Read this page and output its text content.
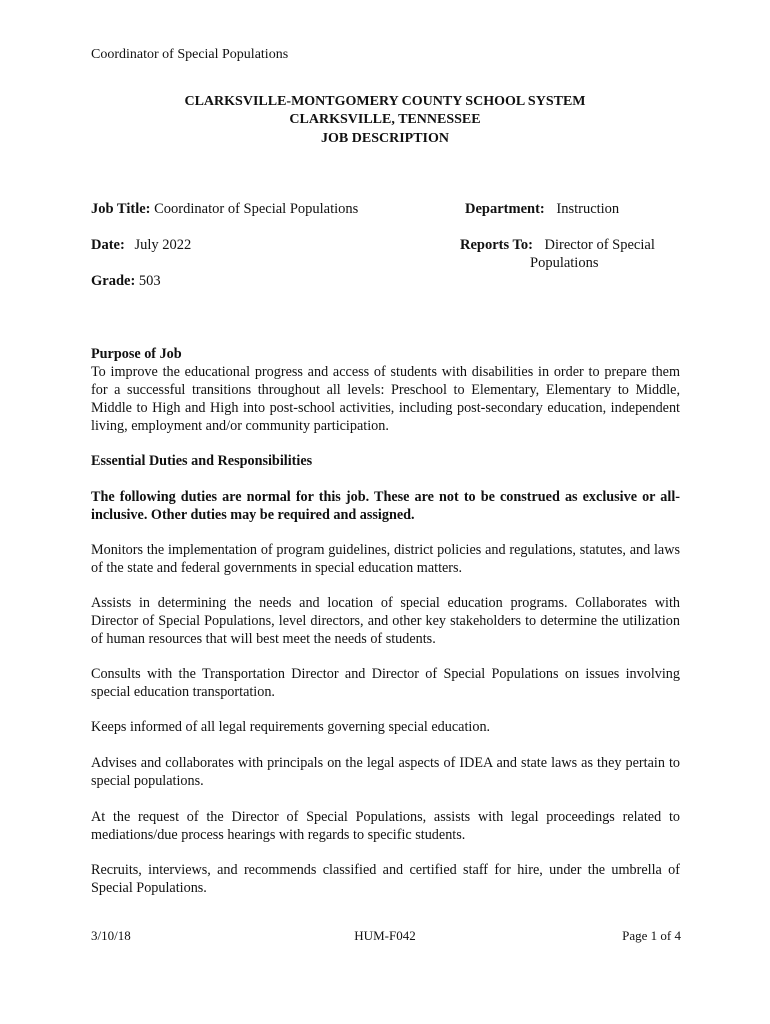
Coordinator of Special Populations
CLARKSVILLE-MONTGOMERY COUNTY SCHOOL SYSTEM
CLARKSVILLE, TENNESSEE
JOB DESCRIPTION
Job Title: Coordinator of Special Populations	Department: Instruction
Date: July 2022	Reports To: Director of Special
Populations
Grade: 503
Purpose of Job
To improve the educational progress and access of students with disabilities in order to prepare them for a successful transitions throughout all levels: Preschool to Elementary, Elementary to Middle, Middle to High and High into post-school activities, including post-secondary education, independent living, employment and/or community participation.
Essential Duties and Responsibilities
The following duties are normal for this job. These are not to be construed as exclusive or all-inclusive. Other duties may be required and assigned.
Monitors the implementation of program guidelines, district policies and regulations, statutes, and laws of the state and federal governments in special education matters.
Assists in determining the needs and location of special education programs. Collaborates with Director of Special Populations, level directors, and other key stakeholders to determine the utilization of human resources that will best meet the needs of students.
Consults with the Transportation Director and Director of Special Populations on issues involving special education transportation.
Keeps informed of all legal requirements governing special education.
Advises and collaborates with principals on the legal aspects of IDEA and state laws as they pertain to special populations.
At the request of the Director of Special Populations, assists with legal proceedings related to mediations/due process hearings with regards to specific students.
Recruits, interviews, and recommends classified and certified staff for hire, under the umbrella of Special Populations.
3/10/18	HUM-F042	Page 1 of 4
